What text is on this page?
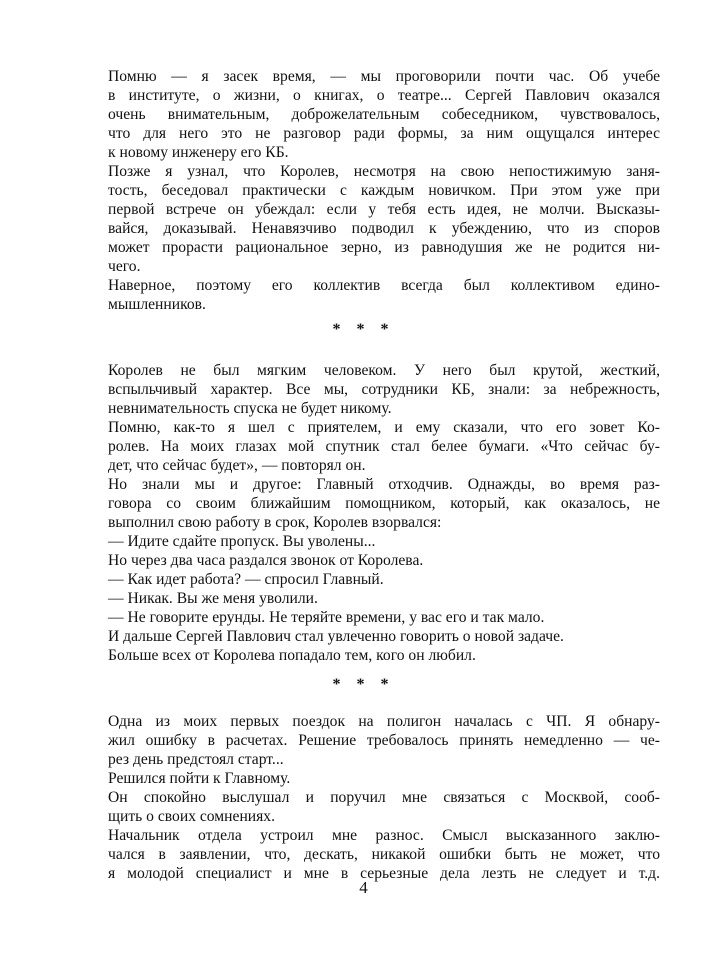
Помню — я засек время, — мы проговорили почти час. Об учебе
в институте, о жизни, о книгах, о театре... Сергей Павлович оказался
очень внимательным, доброжелательным собеседником, чувствовалось,
что для него это не разговор ради формы, за ним ощущался интерес
к новому инженеру его КБ.
Позже я узнал, что Королев, несмотря на свою непостижимую заня-
тость, беседовал практически с каждым новичком. При этом уже при
первой встрече он убеждал: если у тебя есть идея, не молчи. Высказы-
вайся, доказывай. Ненавязчиво подводил к убеждению, что из споров
может прорасти рациональное зерно, из равнодушия же не родится ни-
чего.
Наверное, поэтому его коллектив всегда был коллективом едино-
мышленников.
* * *
Королев не был мягким человеком. У него был крутой, жесткий,
вспыльчивый характер. Все мы, сотрудники КБ, знали: за небрежность,
невнимательность спуска не будет никому.
Помню, как-то я шел с приятелем, и ему сказали, что его зовет Ко-
ролев. На моих глазах мой спутник стал белее бумаги. «Что сейчас бу-
дет, что сейчас будет», — повторял он.
Но знали мы и другое: Главный отходчив. Однажды, во время раз-
говора со своим ближайшим помощником, который, как оказалось, не
выполнил свою работу в срок, Королев взорвался:
— Идите сдайте пропуск. Вы уволены...
Но через два часа раздался звонок от Королева.
— Как идет работа? — спросил Главный.
— Никак. Вы же меня уволили.
— Не говорите ерунды. Не теряйте времени, у вас его и так мало.
И дальше Сергей Павлович стал увлеченно говорить о новой задаче.
Больше всех от Королева попадало тем, кого он любил.
* * *
Одна из моих первых поездок на полигон началась с ЧП. Я обнару-
жил ошибку в расчетах. Решение требовалось принять немедленно — че-
рез день предстоял старт...
Решился пойти к Главному.
Он спокойно выслушал и поручил мне связаться с Москвой, сооб-
щить о своих сомнениях.
Начальник отдела устроил мне разнос. Смысл высказанного заклю-
чался в заявлении, что, дескать, никакой ошибки быть не может, что
я молодой специалист и мне в серьезные дела лезть не следует и т.д.
4
